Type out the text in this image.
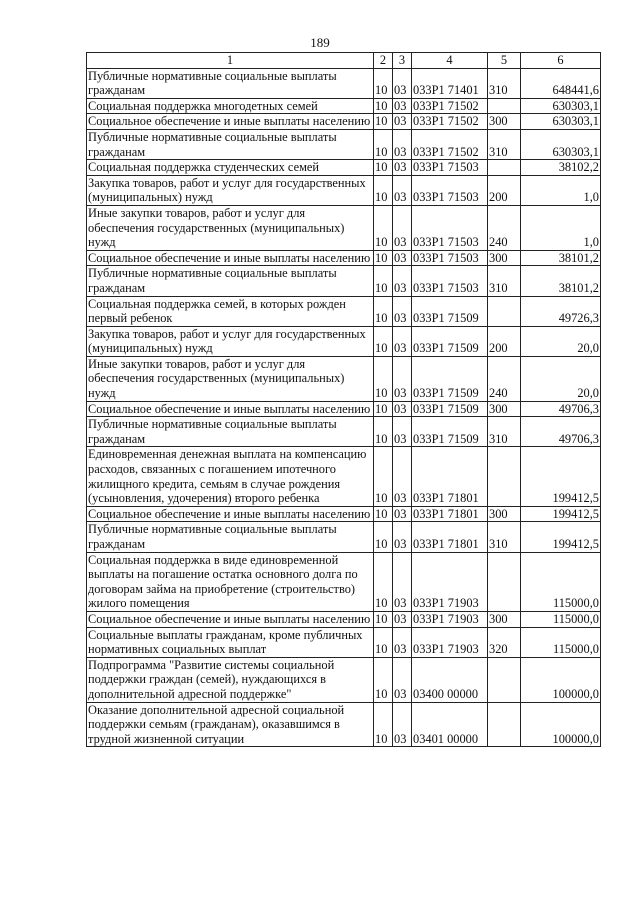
189
1	2	3	4	5	6
Публичные нормативные социальные выплаты гражданам	10	03	033Р1 71401	310	648441,6
Социальная поддержка многодетных семей	10	03	033Р1 71502		630303,1
Социальное обеспечение и иные выплаты населению	10	03	033Р1 71502	300	630303,1
Публичные нормативные социальные выплаты гражданам	10	03	033Р1 71502	310	630303,1
Социальная поддержка студенческих семей	10	03	033Р1 71503		38102,2
Закупка товаров, работ и услуг для государственных (муниципальных) нужд	10	03	033Р1 71503	200	1,0
Иные закупки товаров, работ и услуг для обеспечения государственных (муниципальных) нужд	10	03	033Р1 71503	240	1,0
Социальное обеспечение и иные выплаты населению	10	03	033Р1 71503	300	38101,2
Публичные нормативные социальные выплаты гражданам	10	03	033Р1 71503	310	38101,2
Социальная поддержка семей, в которых рожден первый ребенок	10	03	033Р1 71509		49726,3
Закупка товаров, работ и услуг для государственных (муниципальных) нужд	10	03	033Р1 71509	200	20,0
Иные закупки товаров, работ и услуг для обеспечения государственных (муниципальных) нужд	10	03	033Р1 71509	240	20,0
Социальное обеспечение и иные выплаты населению	10	03	033Р1 71509	300	49706,3
Публичные нормативные социальные выплаты гражданам	10	03	033Р1 71509	310	49706,3
Единовременная денежная выплата на компенсацию расходов, связанных с погашением ипотечного жилищного кредита, семьям в случае рождения (усыновления, удочерения) второго ребенка	10	03	033Р1 71801		199412,5
Социальное обеспечение и иные выплаты населению	10	03	033Р1 71801	300	199412,5
Публичные нормативные социальные выплаты гражданам	10	03	033Р1 71801	310	199412,5
Социальная поддержка в виде единовременной выплаты на погашение остатка основного долга по договорам займа на приобретение (строительство) жилого помещения	10	03	033Р1 71903		115000,0
Социальное обеспечение и иные выплаты населению	10	03	033Р1 71903	300	115000,0
Социальные выплаты гражданам, кроме публичных нормативных социальных выплат	10	03	033Р1 71903	320	115000,0
Подпрограмма "Развитие системы социальной поддержки граждан (семей), нуждающихся в дополнительной адресной поддержке"	10	03	03400 00000		100000,0
Оказание дополнительной адресной социальной поддержки семьям (гражданам), оказавшимся в трудной жизненной ситуации	10	03	03401 00000		100000,0
